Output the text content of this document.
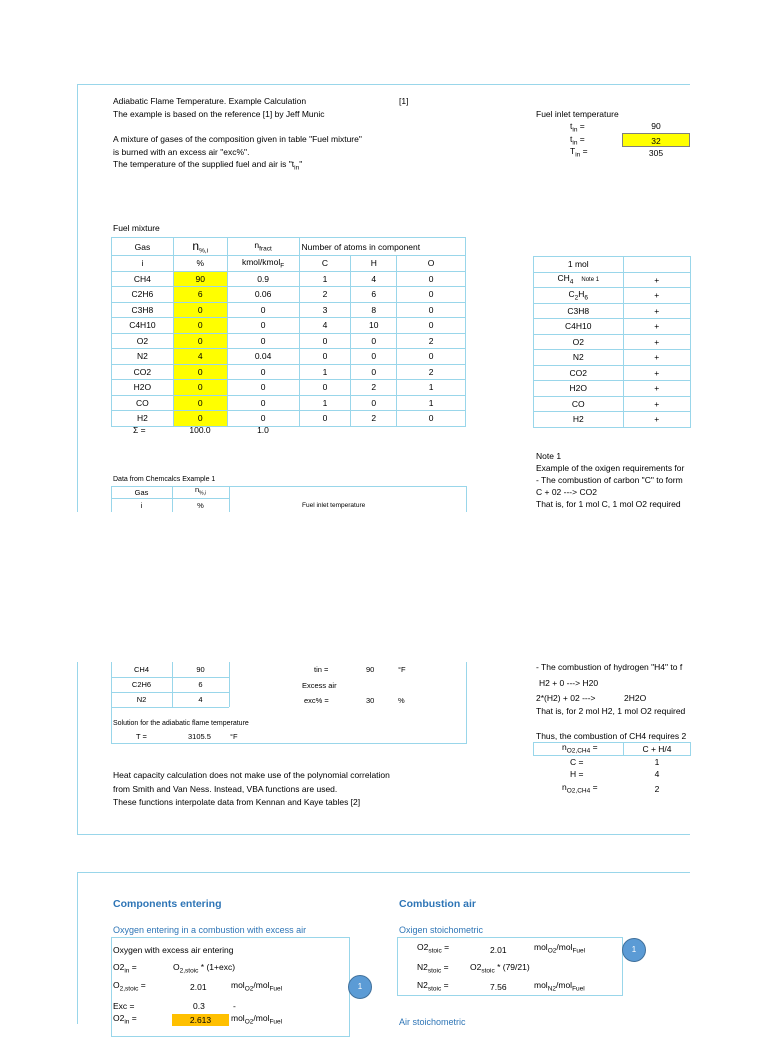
Adiabatic Flame Temperature. Example Calculation	[1]
The example is based on the reference [1] by Jeff Munic
A mixture of gases of the composition given in table "Fuel mixture"
is burned with an excess air "exc%".
The temperature of the supplied fuel and air is "$t_{in}$"
Fuel inlet temperature
$t_{in}$ =	90
$t_{in}$ =	32
$T_{in}$ =	305
Fuel mixture
Gas	$n_{\%,i}$	$n_{fract}$	Number of atoms in component		
i	%	kmol/kmol$_F$	C	H	O
CH4	90	0.9	1	4	0
C2H6	6	0.06	2	6	0
C3H8	0	0	3	8	0
C4H10	0	0	4	10	0
O2	0	0	0	0	2
N2	4	0.04	0	0	0
CO2	0	0	1	0	2
H2O	0	0	0	2	1
CO	0	0	1	0	1
H2	0	0	0	2	0
Σ =	100.0	1.0
1 mol	
$CH_4$ Note 1	+
$C_2H_6$	+
C3H8	+
C4H10	+
O2	+
N2	+
CO2	+
H2O	+
CO	+
H2	+
Note 1
Example of the oxigen requirements for
- The combustion of carbon "C" to form
C + 02 ---> CO2
That is, for 1 mol C, 1 mol O2 required
Data from Chemcalcs Example 1
Gas	$n_{\%,i}$
i	%	Fuel inlet temperature
CH4	90
C2H6	6
N2	4
tin =	90	°F
Excess air
exc% =	30	%
Solution for the adiabatic flame temperature
T =	3105.5	°F
- The combustion of hydrogen "H4" to f
H2 + 0 ---> H20
2*(H2) + 02 --->	2H2O
That is, for 2 mol H2, 1 mol O2 required
Thus, the combustion of CH4 requires 2
$n_{O2,CH4}$ =	C + H/4
C =	1
H =	4
$n_{O2,CH4}$ =	2
Heat capacity calculation does not make use of the polynomial correlation
from Smith and Van Ness. Instead, VBA functions are used.
These functions interpolate data from Kennan and Kaye tables [2]
Components entering
Oxygen entering in a combustion with excess air
Oxygen with excess air entering
$O2_{in}$ =	$O_{2,stoic} * (1+exc)$
$O_{2,stoic}$ =	2.01	mol$_{O2}$/mol$_{Fuel}$
Exc =	0.3	-
$O2_{in}$ =	2.613	mol$_{O2}$/mol$_{Fuel}$
1
Combustion air
Oxigen stoichometric
$O2_{stoic}$ =	2.01	mol$_{O2}$/mol$_{Fuel}$
$N2_{stoic}$ =	$O2_{stoic} * (79/21)$
$N2_{stoic}$ =	7.56	mol$_{N2}$/mol$_{Fuel}$
1
Air stoichometric
